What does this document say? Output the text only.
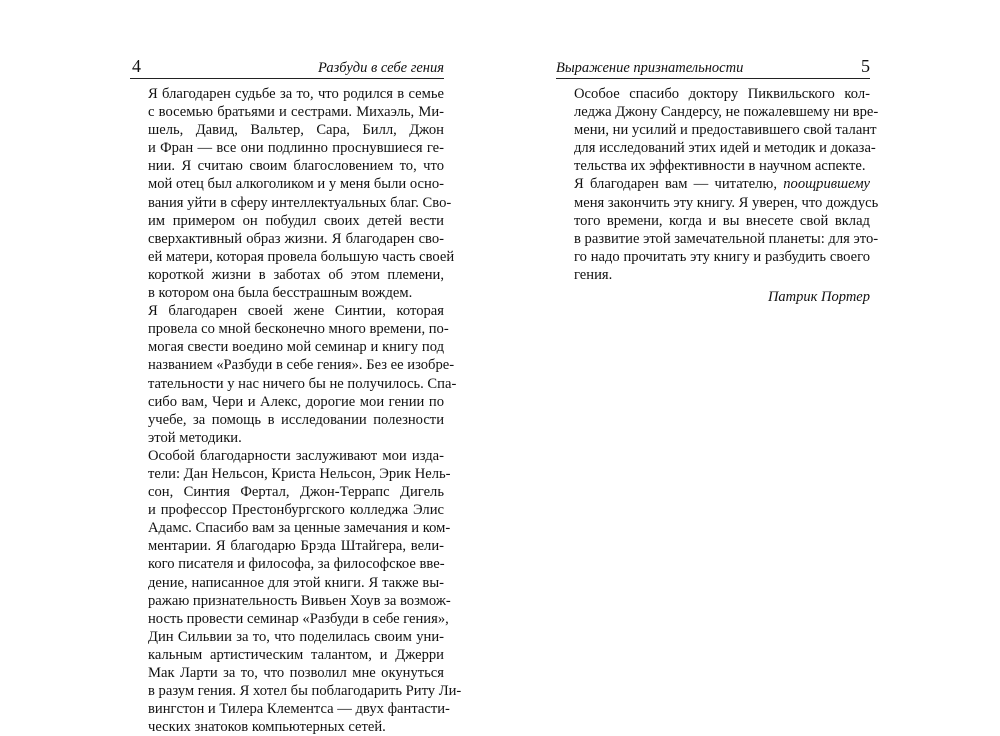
4	Разбуди в себе гения

Я благодарен судьбе за то, что родился в семье
с восемью братьями и сестрами. Михаэль, Ми-
шель, Давид, Вальтер, Сара, Билл, Джон
и Фран — все они подлинно проснувшиеся ге-
нии. Я считаю своим благословением то, что
мой отец был алкоголиком и у меня были осно-
вания уйти в сферу интеллектуальных благ. Сво-
им примером он побудил своих детей вести
сверхактивный образ жизни. Я благодарен сво-
ей матери, которая провела большую часть своей
короткой жизни в заботах об этом племени,
в котором она была бесстрашным вождем.

Я благодарен своей жене Синтии, которая
провела со мной бесконечно много времени, по-
могая свести воедино мой семинар и книгу под
названием «Разбуди в себе гения». Без ее изобре-
тательности у нас ничего бы не получилось. Спа-
сибо вам, Чери и Алекс, дорогие мои гении по
учебе, за помощь в исследовании полезности
этой методики.

Особой благодарности заслуживают мои изда-
тели: Дан Нельсон, Криста Нельсон, Эрик Нель-
сон, Синтия Фертал, Джон-Террапс Дигель
и профессор Престонбургского колледжа Элис
Адамс. Спасибо вам за ценные замечания и ком-
ментарии. Я благодарю Брэда Штайгера, вели-
кого писателя и философа, за философское вве-
дение, написанное для этой книги. Я также вы-
ражаю признательность Вивьен Хоув за возмож-
ность провести семинар «Разбуди в себе гения»,
Дин Сильвии за то, что поделилась своим уни-
кальным артистическим талантом, и Джерри
Мак Ларти за то, что позволил мне окунуться
в разум гения. Я хотел бы поблагодарить Риту Ли-
вингстон и Тилера Клементса — двух фантасти-
ческих знатоков компьютерных сетей.

Выражение признательности	5

Особое спасибо доктору Пиквильского кол-
леджа Джону Сандерсу, не пожалевшему ни вре-
мени, ни усилий и предоставившего свой талант
для исследований этих идей и методик и доказа-
тельства их эффективности в научном аспекте.

Я благодарен вам — читателю, поощрившему
меня закончить эту книгу. Я уверен, что дождусь
того времени, когда и вы внесете свой вклад
в развитие этой замечательной планеты: для это-
го надо прочитать эту книгу и разбудить своего
гения.

Патрик Портер
